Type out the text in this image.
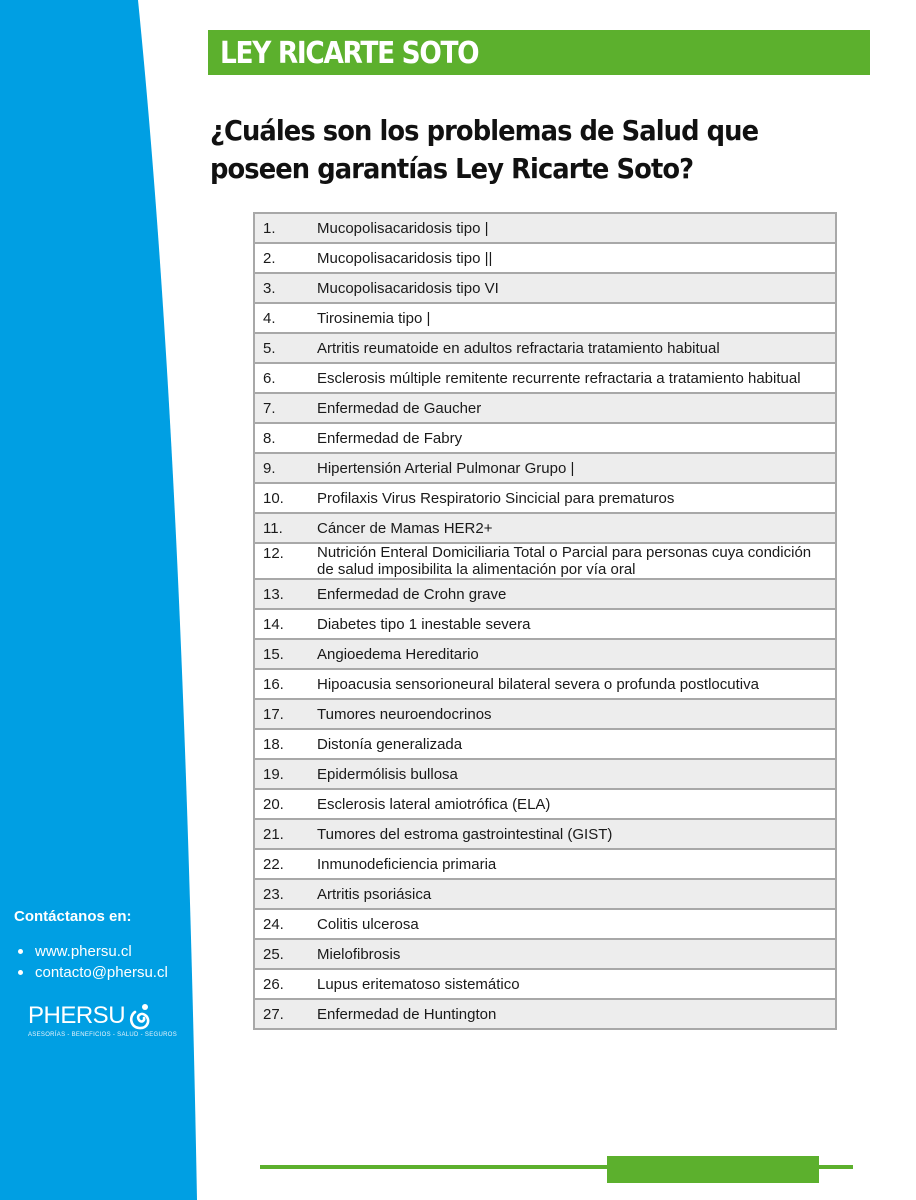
LEY RICARTE SOTO
¿Cuáles son los problemas de Salud que poseen garantías Ley Ricarte Soto?
1.	Mucopolisacaridosis tipo |
2.	Mucopolisacaridosis tipo ||
3.	Mucopolisacaridosis tipo VI
4.	Tirosinemia tipo |
5.	Artritis reumatoide en adultos refractaria tratamiento habitual
6.	Esclerosis múltiple remitente recurrente refractaria a tratamiento habitual
7.	Enfermedad de Gaucher
8.	Enfermedad de Fabry
9.	Hipertensión Arterial Pulmonar Grupo |
10.	Profilaxis Virus Respiratorio Sincicial para prematuros
11.	Cáncer de Mamas HER2+
12.	Nutrición Enteral Domiciliaria Total o Parcial para personas cuya condición de salud imposibilita la alimentación por vía oral
13.	Enfermedad de Crohn grave
14.	Diabetes tipo 1 inestable severa
15.	Angioedema Hereditario
16.	Hipoacusia sensorioneural bilateral severa o profunda postlocutiva
17.	Tumores neuroendocrinos
18.	Distonía generalizada
19.	Epidermólisis bullosa
20.	Esclerosis lateral amiotrófica (ELA)
21.	Tumores del estroma gastrointestinal (GIST)
22.	Inmunodeficiencia primaria
23.	Artritis psoriásica
24.	Colitis ulcerosa
25.	Mielofibrosis
26.	Lupus eritematoso sistemático
27.	Enfermedad de Huntington

Contáctanos en:

www.phersu.cl
contacto@phersu.cl
PHERSU
ASESORÍAS - BENEFICIOS - SALUD - SEGUROS
